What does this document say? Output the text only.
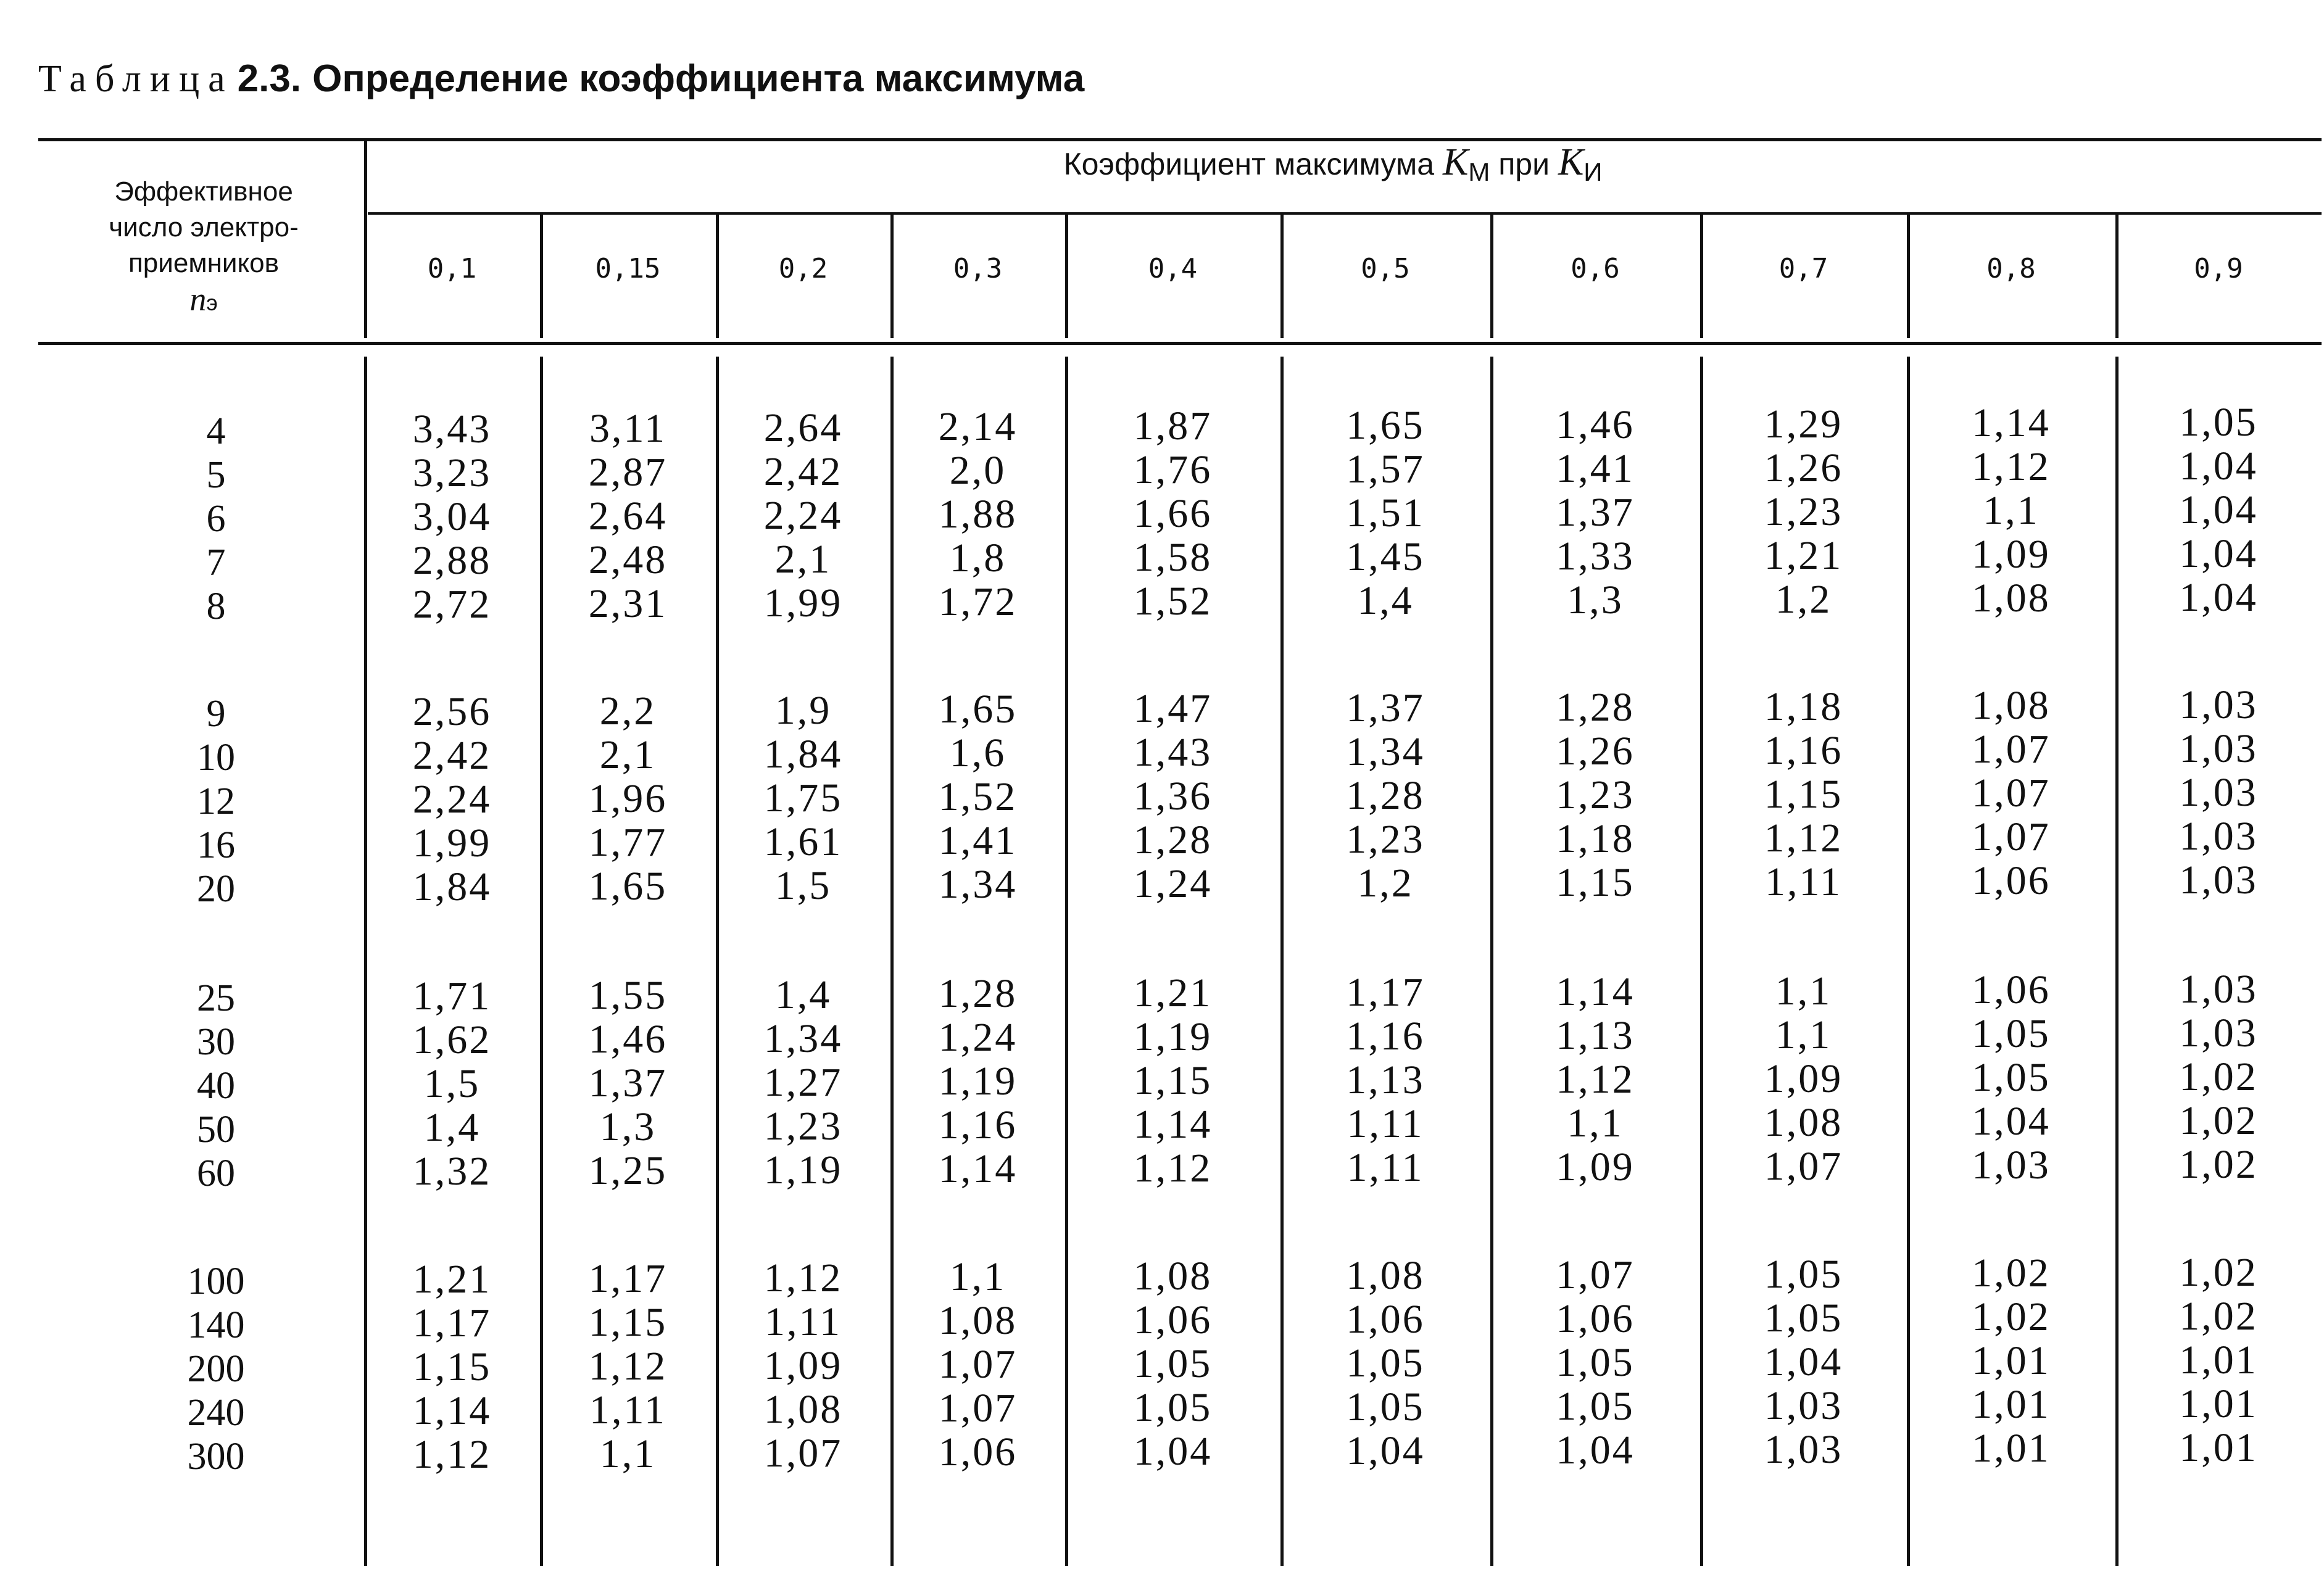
Таблица2.3. Определение коэффициента максимума
Эффективное
число электро-
приемников
nэ
Коэффициент максимума $K_М$ при $K_И$
0,1	0,15	0,2	0,3	0,4	0,5	0,6	0,7	0,8	0,9
4	3,43	3,11	2,64	2,14	1,87	1,65	1,46	1,29	1,14	1,05
5	3,23	2,87	2,42	2,0	1,76	1,57	1,41	1,26	1,12	1,04
6	3,04	2,64	2,24	1,88	1,66	1,51	1,37	1,23	1,1	1,04
7	2,88	2,48	2,1	1,8	1,58	1,45	1,33	1,21	1,09	1,04
8	2,72	2,31	1,99	1,72	1,52	1,4	1,3	1,2	1,08	1,04
9	2,56	2,2	1,9	1,65	1,47	1,37	1,28	1,18	1,08	1,03
10	2,42	2,1	1,84	1,6	1,43	1,34	1,26	1,16	1,07	1,03
12	2,24	1,96	1,75	1,52	1,36	1,28	1,23	1,15	1,07	1,03
16	1,99	1,77	1,61	1,41	1,28	1,23	1,18	1,12	1,07	1,03
20	1,84	1,65	1,5	1,34	1,24	1,2	1,15	1,11	1,06	1,03
25	1,71	1,55	1,4	1,28	1,21	1,17	1,14	1,1	1,06	1,03
30	1,62	1,46	1,34	1,24	1,19	1,16	1,13	1,1	1,05	1,03
40	1,5	1,37	1,27	1,19	1,15	1,13	1,12	1,09	1,05	1,02
50	1,4	1,3	1,23	1,16	1,14	1,11	1,1	1,08	1,04	1,02
60	1,32	1,25	1,19	1,14	1,12	1,11	1,09	1,07	1,03	1,02
100	1,21	1,17	1,12	1,1	1,08	1,08	1,07	1,05	1,02	1,02
140	1,17	1,15	1,11	1,08	1,06	1,06	1,06	1,05	1,02	1,02
200	1,15	1,12	1,09	1,07	1,05	1,05	1,05	1,04	1,01	1,01
240	1,14	1,11	1,08	1,07	1,05	1,05	1,05	1,03	1,01	1,01
300	1,12	1,1	1,07	1,06	1,04	1,04	1,04	1,03	1,01	1,01
